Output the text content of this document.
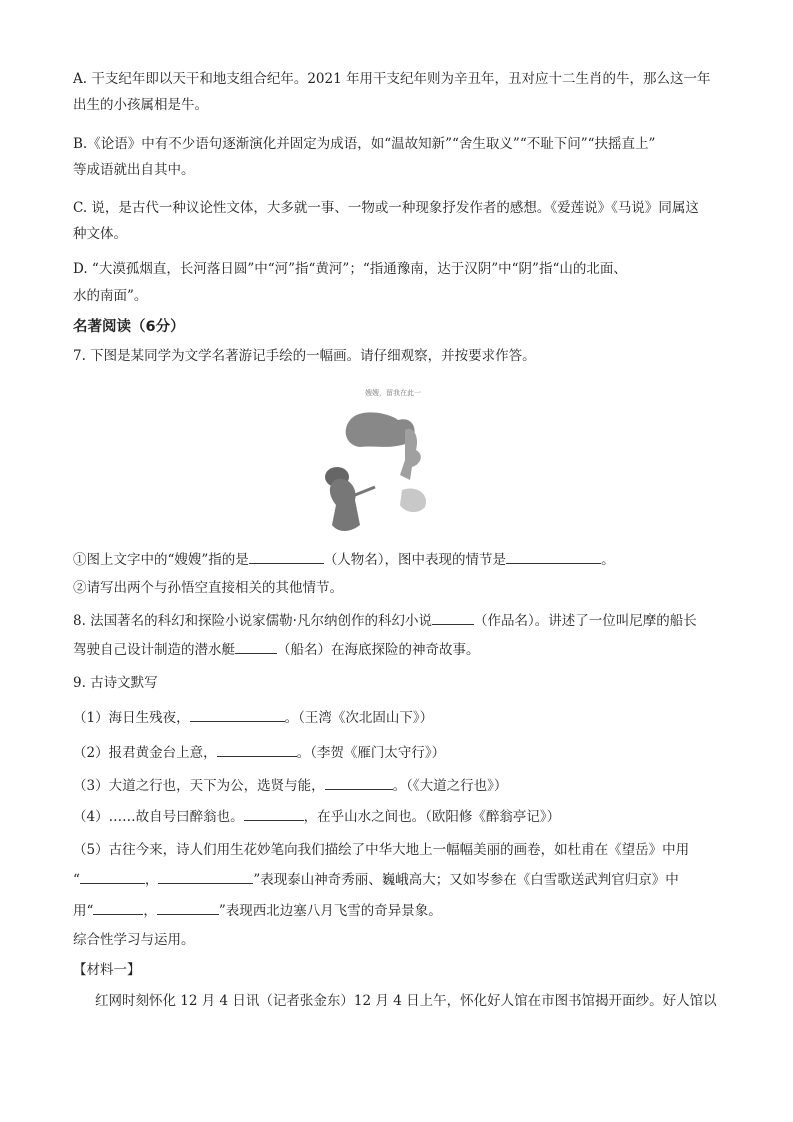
A. 干支纪年即以天干和地支组合纪年。2021 年用干支纪年则为辛丑年，丑对应十二生肖的牛，那么这一年
出生的小孩属相是牛。
B.《论语》中有不少语句逐渐演化并固定为成语，如“温故知新”“舍生取义”“不耻下问”“扶摇直上”
等成语就出自其中。
C. 说，是古代一种议论性文体，大多就一事、一物或一种现象抒发作者的感想。《爱莲说》《马说》同属这
种文体。
D. “大漠孤烟直，长河落日圆”中“河”指“黄河”；“指通豫南，达于汉阴”中“阴”指“山的北面、
水的南面”。
名著阅读（6分）
7. 下图是某同学为文学名著游记手绘的一幅画。请仔细观察，并按要求作答。
嫂嫂，留我在此一
①图上文字中的“嫂嫂”指的是	（人物名），图中表现的情节是	。
②请写出两个与孙悟空直接相关的其他情节。
8. 法国著名的科幻和探险小说家儒勒·凡尔纳创作的科幻小说	（作品名）。讲述了一位叫尼摩的船长
驾驶自己设计制造的潜水艇	（船名）在海底探险的神奇故事。
9. 古诗文默写
（1）海日生残夜，	。（王湾《次北固山下》）
（2）报君黄金台上意，	。（李贺《雁门太守行》）
（3）大道之行也，天下为公，选贤与能，	。（《大道之行也》）
（4）……故自号曰醉翁也。	，在乎山水之间也。（欧阳修《醉翁亭记》）
（5）古往今来，诗人们用生花妙笔向我们描绘了中华大地上一幅幅美丽的画卷，如杜甫在《望岳》中用
“	，	”表现泰山神奇秀丽、巍峨高大；又如岑参在《白雪歌送武判官归京》中
用“	，	”表现西北边塞八月飞雪的奇异景象。
综合性学习与运用。
【材料一】
红网时刻怀化 12 月 4 日讯（记者张金东）12 月 4 日上午，怀化好人馆在市图书馆揭开面纱。好人馆以
